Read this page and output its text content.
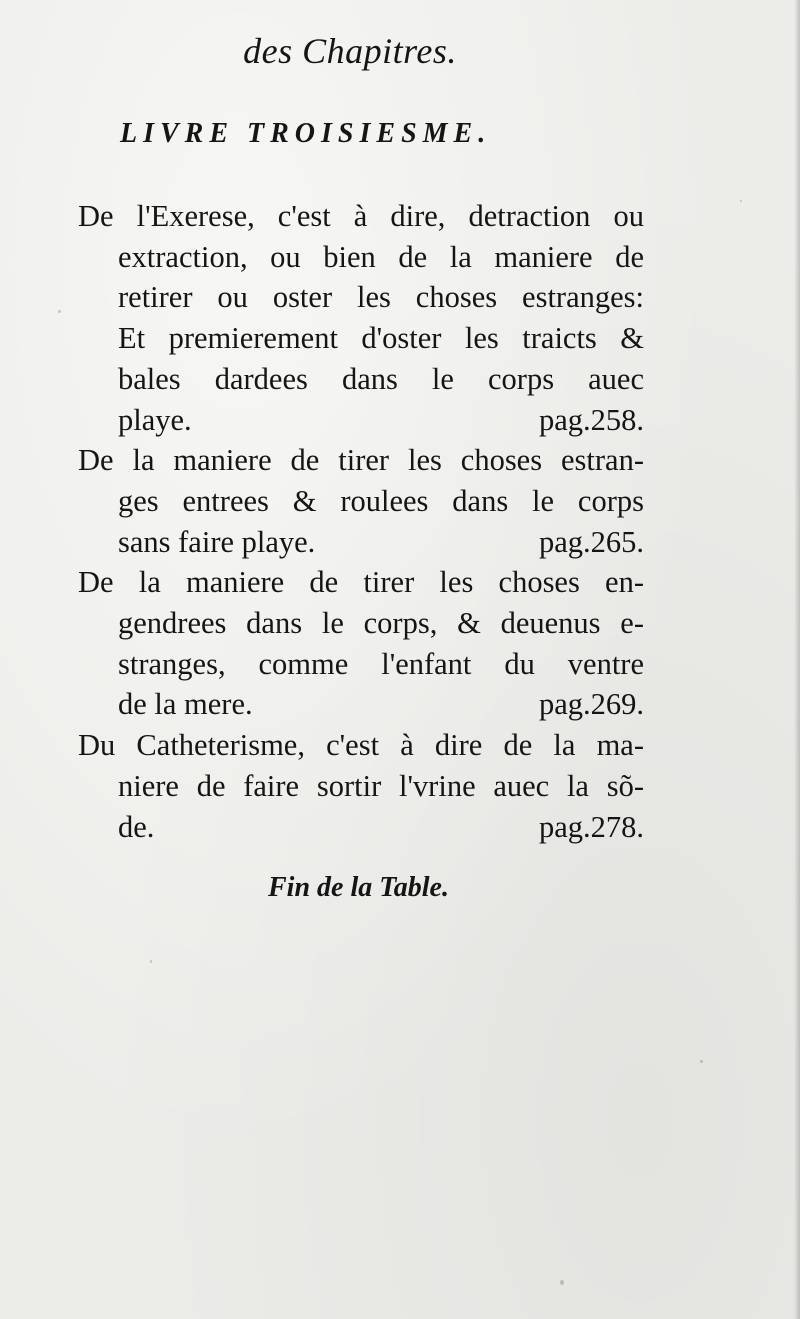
des Chapitres.
LIVRE TROISIESME.
De l'Exerese, c'est à dire, detraction ou
extraction, ou bien de la maniere de
retirer ou oster les choses estranges:
Et premierement d'oster les traicts &
bales dardees dans le corps auec
playe.	pag.258.
De la maniere de tirer les choses estran-
ges entrees & roulees dans le corps
sans faire playe.	pag.265.
De la maniere de tirer les choses en-
gendrees dans le corps, & deuenus e-
stranges, comme l'enfant du ventre
de la mere.	pag.269.
Du Catheterisme, c'est à dire de la ma-
niere de faire sortir l'vrine auec la sõ-
de.	pag.278.
Fin de la Table.
